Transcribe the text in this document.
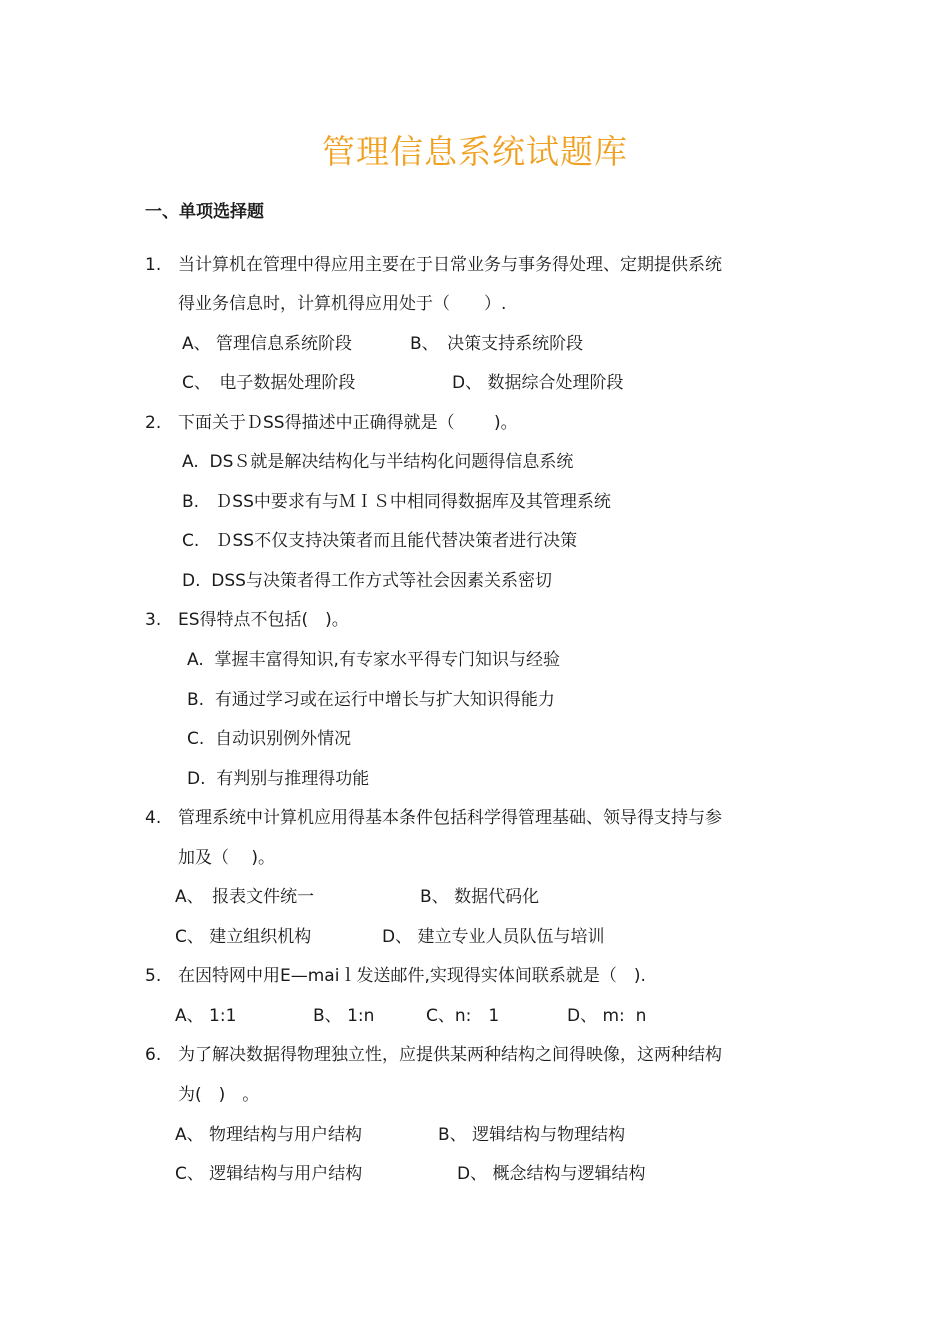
管理信息系统试题库
一、单项选择题
1. 当计算机在管理中得应用主要在于日常业务与事务得处理、定期提供系统
得业务信息时，计算机得应用处于（　　）.
A、 管理信息系统阶段	B、　决策支持系统阶段
C、　电子数据处理阶段	D、 数据综合处理阶段
2. 下面关于ＤSS得描述中正确得就是（　　 )。
A.  DSＳ就是解决结构化与半结构化问题得信息系统
B.   ＤSS中要求有与ＭＩＳ中相同得数据库及其管理系统
C.   ＤSS不仅支持决策者而且能代替决策者进行决策
D.  DSS与决策者得工作方式等社会因素关系密切
3. ES得特点不包括(　)。
A.  掌握丰富得知识,有专家水平得专门知识与经验
B.  有通过学习或在运行中增长与扩大知识得能力
C.  自动识别例外情况
D.  有判别与推理得功能
4. 管理系统中计算机应用得基本条件包括科学得管理基础、领导得支持与参
加及（　 )。
A、　报表文件统一	B、 数据代码化
C、 建立组织机构	D、 建立专业人员队伍与培训
5. 在因特网中用E—maiｌ发送邮件,实现得实体间联系就是（　).
A、 1:1	B、 1:n	C、n:　1	D、 m:  n
6. 为了解决数据得物理独立性，应提供某两种结构之间得映像，这两种结构
为(　)　。
A、 物理结构与用户结构	B、 逻辑结构与物理结构
C、 逻辑结构与用户结构	D、 概念结构与逻辑结构
